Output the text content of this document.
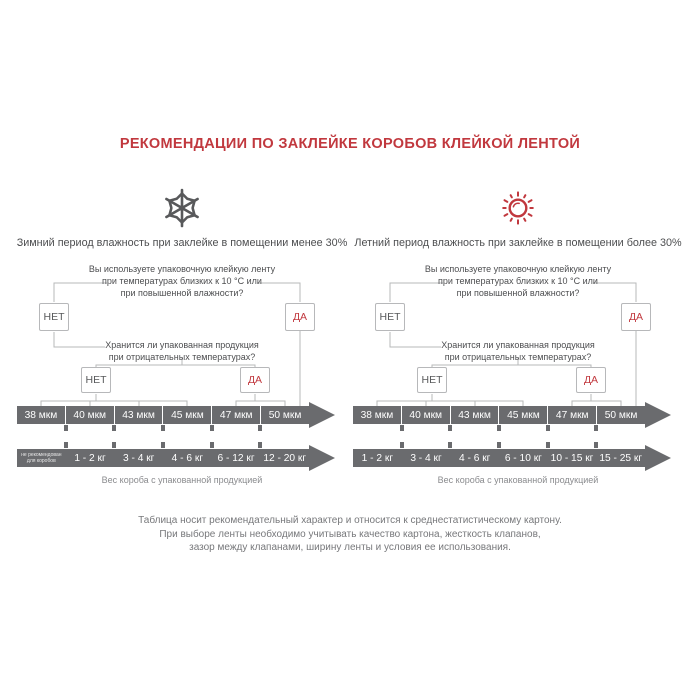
РЕКОМЕНДАЦИИ ПО ЗАКЛЕЙКЕ КОРОБОВ КЛЕЙКОЙ ЛЕНТОЙ
Зимний период влажность при заклейке в помещении менее 30%
Вы используете упаковочную клейкую ленту
при температурах близких к 10 °С или
при повышенной влажности?
НЕТ	ДА
Хранится ли упакованная продукция
при отрицательных температурах?
НЕТ	ДА
38 мкм	40 мкм	43 мкм	45 мкм	47 мкм	50 мкм
не рекомендован
для коробов	1 - 2 кг	3 - 4 кг	4 - 6 кг	6 - 12 кг 12 - 20 кг
Вес короба с упакованной продукцией
Летний период влажность при заклейке в помещении более 30%
Вы используете упаковочную клейкую ленту
при температурах близких к 10 °С или
при повышенной влажности?
НЕТ	ДА
Хранится ли упакованная продукция
при отрицательных температурах?
НЕТ	ДА
38 мкм	40 мкм	43 мкм	45 мкм	47 мкм	50 мкм
1 - 2 кг	3 - 4 кг	4 - 6 кг	6 - 10 кг 10 - 15 кг 15 - 25 кг
Вес короба с упакованной продукцией
Таблица носит рекомендательный характер и относится к среднестатистическому картону.
При выборе ленты необходимо учитывать качество картона, жесткость клапанов,
зазор между клапанами, ширину ленты и условия ее использования.
